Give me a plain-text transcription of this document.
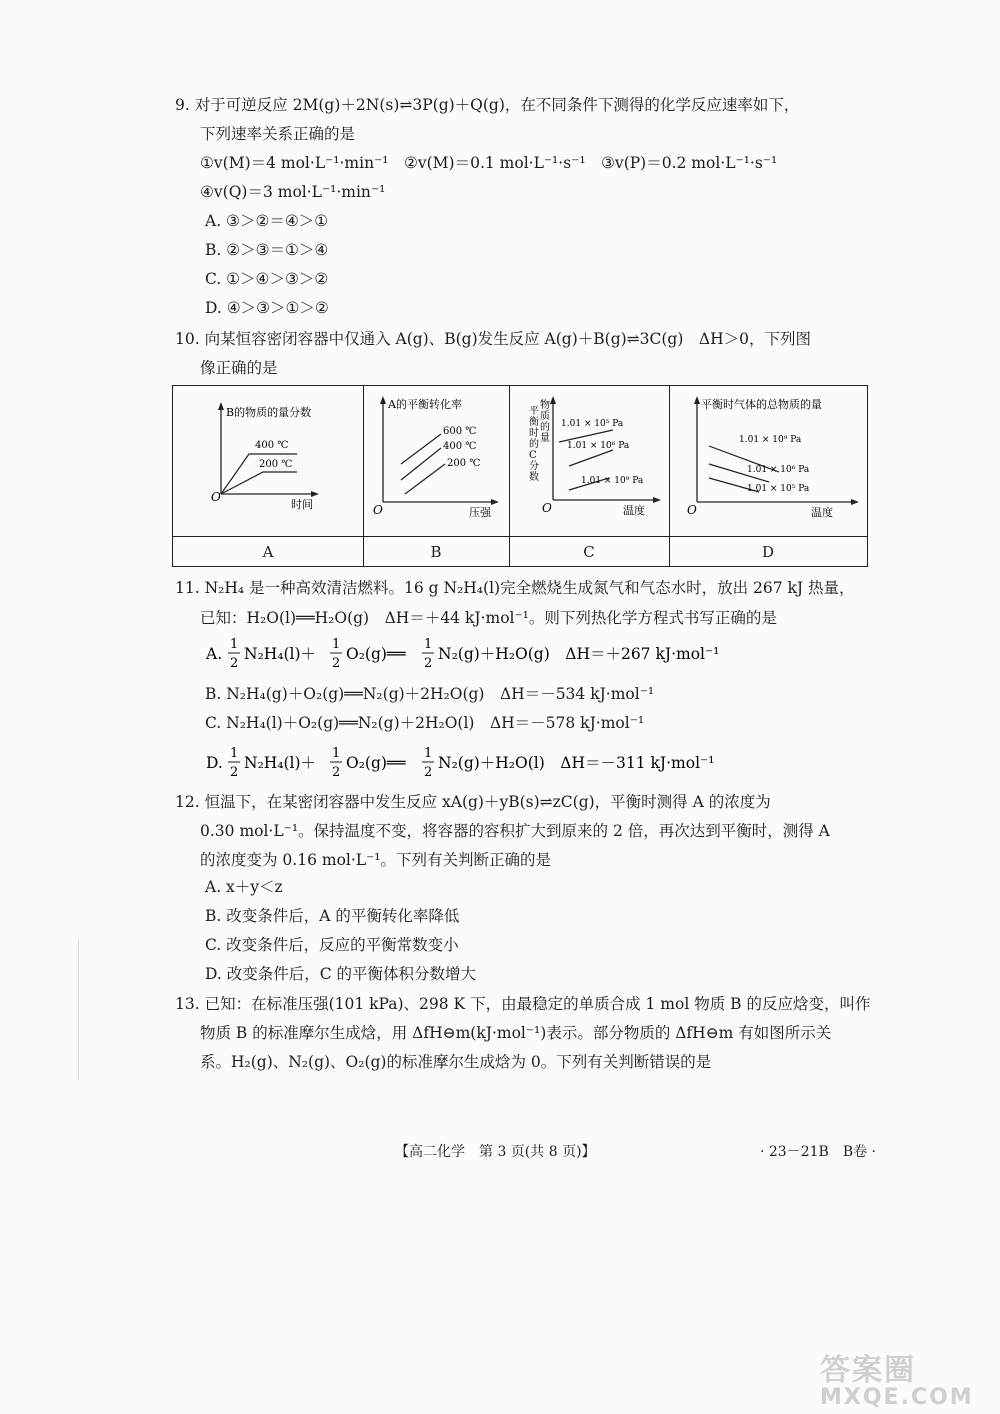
9. 对于可逆反应 2M(g)＋2N(s)⇌3P(g)＋Q(g)，在不同条件下测得的化学反应速率如下，
下列速率关系正确的是
①v(M)＝4 mol·L⁻¹·min⁻¹　②v(M)＝0.1 mol·L⁻¹·s⁻¹　③v(P)＝0.2 mol·L⁻¹·s⁻¹
④v(Q)＝3 mol·L⁻¹·min⁻¹
A. ③＞②＝④＞①
B. ②＞③＝①＞④
C. ①＞④＞③＞②
D. ④＞③＞①＞②
10. 向某恒容密闭容器中仅通入 A(g)、B(g)发生反应 A(g)＋B(g)⇌3C(g)　ΔH＞0，下列图
像正确的是
B的物质的量分数
O
时间
400 ℃
200 ℃
A
A的平衡转化率
O	压强
600 ℃
400 ℃
200 ℃
B
O	温度
1.01 × 10⁵ Pa
1.01 × 10⁶ Pa
1.01 × 10⁹ Pa
平
衡
时
的
C
分
数
物
质
的
量
C
平衡时气体的总物质的量
O	温度
1.01 × 10⁹ Pa
1.01 × 10⁶ Pa
1.01 × 10⁵ Pa
D
11. N₂H₄ 是一种高效清洁燃料。16 g N₂H₄(l)完全燃烧生成氮气和气态水时，放出 267 kJ 热量，
已知：H₂O(l)══H₂O(g)　ΔH＝＋44 kJ·mol⁻¹。则下列热化学方程式书写正确的是
A.
1
2
N₂H₄(l)＋
1
2
O₂(g)══
1
2
N₂(g)＋H₂O(g)　ΔH＝＋267 kJ·mol⁻¹
B. N₂H₄(g)＋O₂(g)══N₂(g)＋2H₂O(g)　ΔH＝－534 kJ·mol⁻¹
C. N₂H₄(l)＋O₂(g)══N₂(g)＋2H₂O(l)　ΔH＝－578 kJ·mol⁻¹
D.
1
2
N₂H₄(l)＋
1
2
O₂(g)══
1
2
N₂(g)＋H₂O(l)　ΔH＝－311 kJ·mol⁻¹
12. 恒温下，在某密闭容器中发生反应 xA(g)＋yB(s)⇌zC(g)，平衡时测得 A 的浓度为
0.30 mol·L⁻¹。保持温度不变，将容器的容积扩大到原来的 2 倍，再次达到平衡时，测得 A
的浓度变为 0.16 mol·L⁻¹。下列有关判断正确的是
A. x＋y＜z
B. 改变条件后，A 的平衡转化率降低
C. 改变条件后，反应的平衡常数变小
D. 改变条件后，C 的平衡体积分数增大
13. 已知：在标准压强(101 kPa)、298 K 下，由最稳定的单质合成 1 mol 物质 B 的反应焓变，叫作
物质 B 的标准摩尔生成焓，用 ΔfH⊖m(kJ·mol⁻¹)表示。部分物质的 ΔfH⊖m 有如图所示关
系。H₂(g)、N₂(g)、O₂(g)的标准摩尔生成焓为 0。下列有关判断错误的是
【高二化学　第 3 页(共 8 页)】	· 23－21B　B卷 ·
答案圈
MXQE.COM
